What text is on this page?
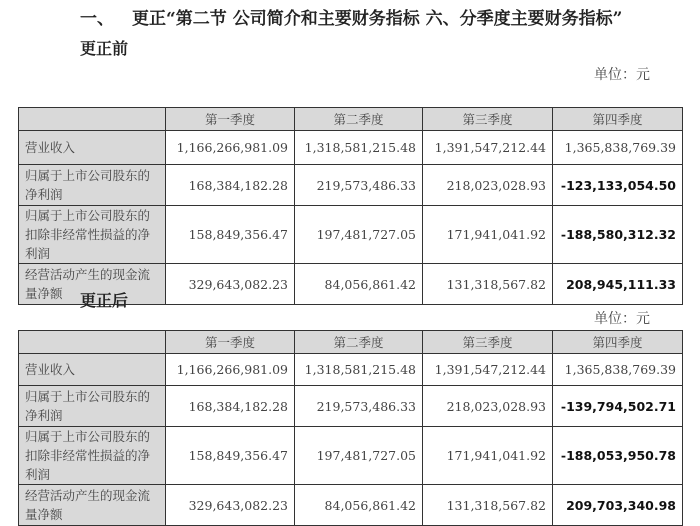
一、 更正“第二节 公司简介和主要财务指标 六、分季度主要财务指标”
更正前
单位：元
	第一季度	第二季度	第三季度	第四季度
营业收入	1,166,266,981.09	1,318,581,215.48	1,391,547,212.44	1,365,838,769.39
归属于上市公司股东的净利润	168,384,182.28	219,573,486.33	218,023,028.93	-123,133,054.50
归属于上市公司股东的扣除非经常性损益的净利润	158,849,356.47	197,481,727.05	171,941,041.92	-188,580,312.32
经营活动产生的现金流量净额	329,643,082.23	84,056,861.42	131,318,567.82	208,945,111.33
更正后
单位：元
	第一季度	第二季度	第三季度	第四季度
营业收入	1,166,266,981.09	1,318,581,215.48	1,391,547,212.44	1,365,838,769.39
归属于上市公司股东的净利润	168,384,182.28	219,573,486.33	218,023,028.93	-139,794,502.71
归属于上市公司股东的扣除非经常性损益的净利润	158,849,356.47	197,481,727.05	171,941,041.92	-188,053,950.78
经营活动产生的现金流量净额	329,643,082.23	84,056,861.42	131,318,567.82	209,703,340.98
